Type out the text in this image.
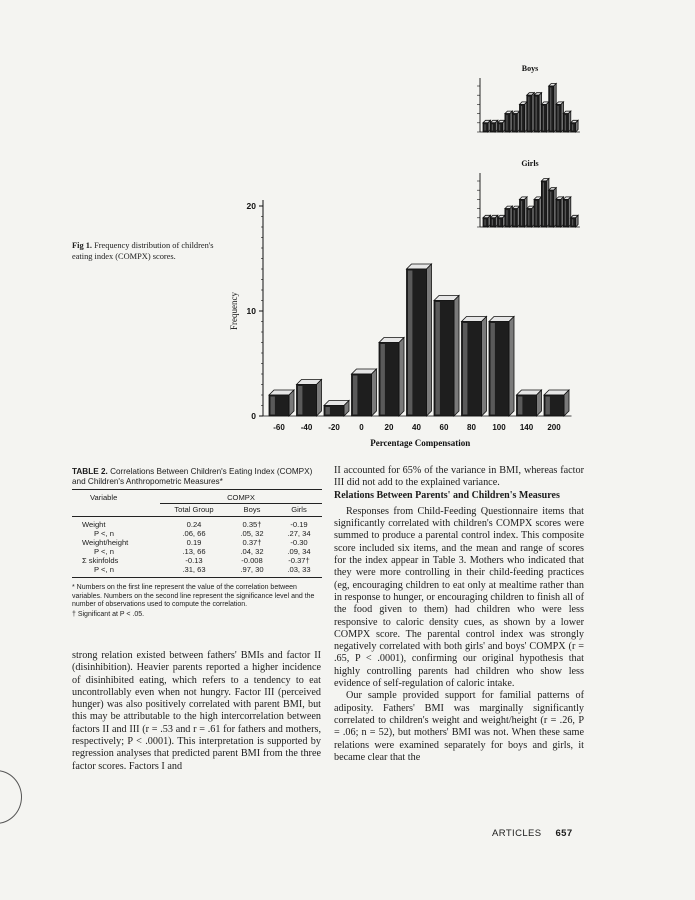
Fig 1. Frequency distribution of children's eating index (COMPX) scores.
Boys
Girls
0
10
20
Frequency
-60 -40 -20 0	20 40 60 80 100 140 200
Percentage Compensation
TABLE 2. Correlations Between Children's Eating Index (COMPX) and Children's Anthropometric Measures*
Variable	COMPX
Total Group	Boys	Girls
Weight	0.24	0.35†	-0.19
P <, n	.06, 66	.05, 32	.27, 34
Weight/height	0.19	0.37†	-0.30
P <, n	.13, 66	.04, 32	.09, 34
Σ skinfolds	-0.13	-0.008	-0.37†
P <, n	.31, 63	.97, 30	.03, 33
* Numbers on the first line represent the value of the correlation between variables. Numbers on the second line represent the significance level and the number of observations used to compute the correlation.
† Significant at P < .05.
strong relation existed between fathers' BMIs and factor II (disinhibition). Heavier parents reported a higher incidence of disinhibited eating, which refers to a tendency to eat uncontrollably even when not hungry. Factor III (perceived hunger) was also positively correlated with parent BMI, but this may be attributable to the high intercorrelation between factors II and III (r = .53 and r = .61 for fathers and mothers, respectively; P < .0001). This interpretation is supported by regression analyses that predicted parent BMI from the three factor scores. Factors I and

II accounted for 65% of the variance in BMI, whereas factor III did not add to the explained variance.

Relations Between Parents' and Children's Measures

Responses from Child-Feeding Questionnaire items that significantly correlated with children's COMPX scores were summed to produce a parental control index. This composite score included six items, and the mean and range of scores for the index appear in Table 3. Mothers who indicated that they were more controlling in their child-feeding practices (eg, encouraging children to eat only at mealtime rather than in response to hunger, or encouraging children to finish all of the food given to them) had children who were less responsive to caloric density cues, as shown by a lower COMPX score. The parental control index was strongly negatively correlated with both girls' and boys' COMPX (r = .65, P < .0001), confirming our original hypothesis that highly controlling parents had children who show less evidence of self-regulation of caloric intake.

Our sample provided support for familial patterns of adiposity. Fathers' BMI was marginally significantly correlated to children's weight and weight/height (r = .26, P = .06; n = 52), but mothers' BMI was not. When these same relations were examined separately for boys and girls, it became clear that the

ARTICLES 657
